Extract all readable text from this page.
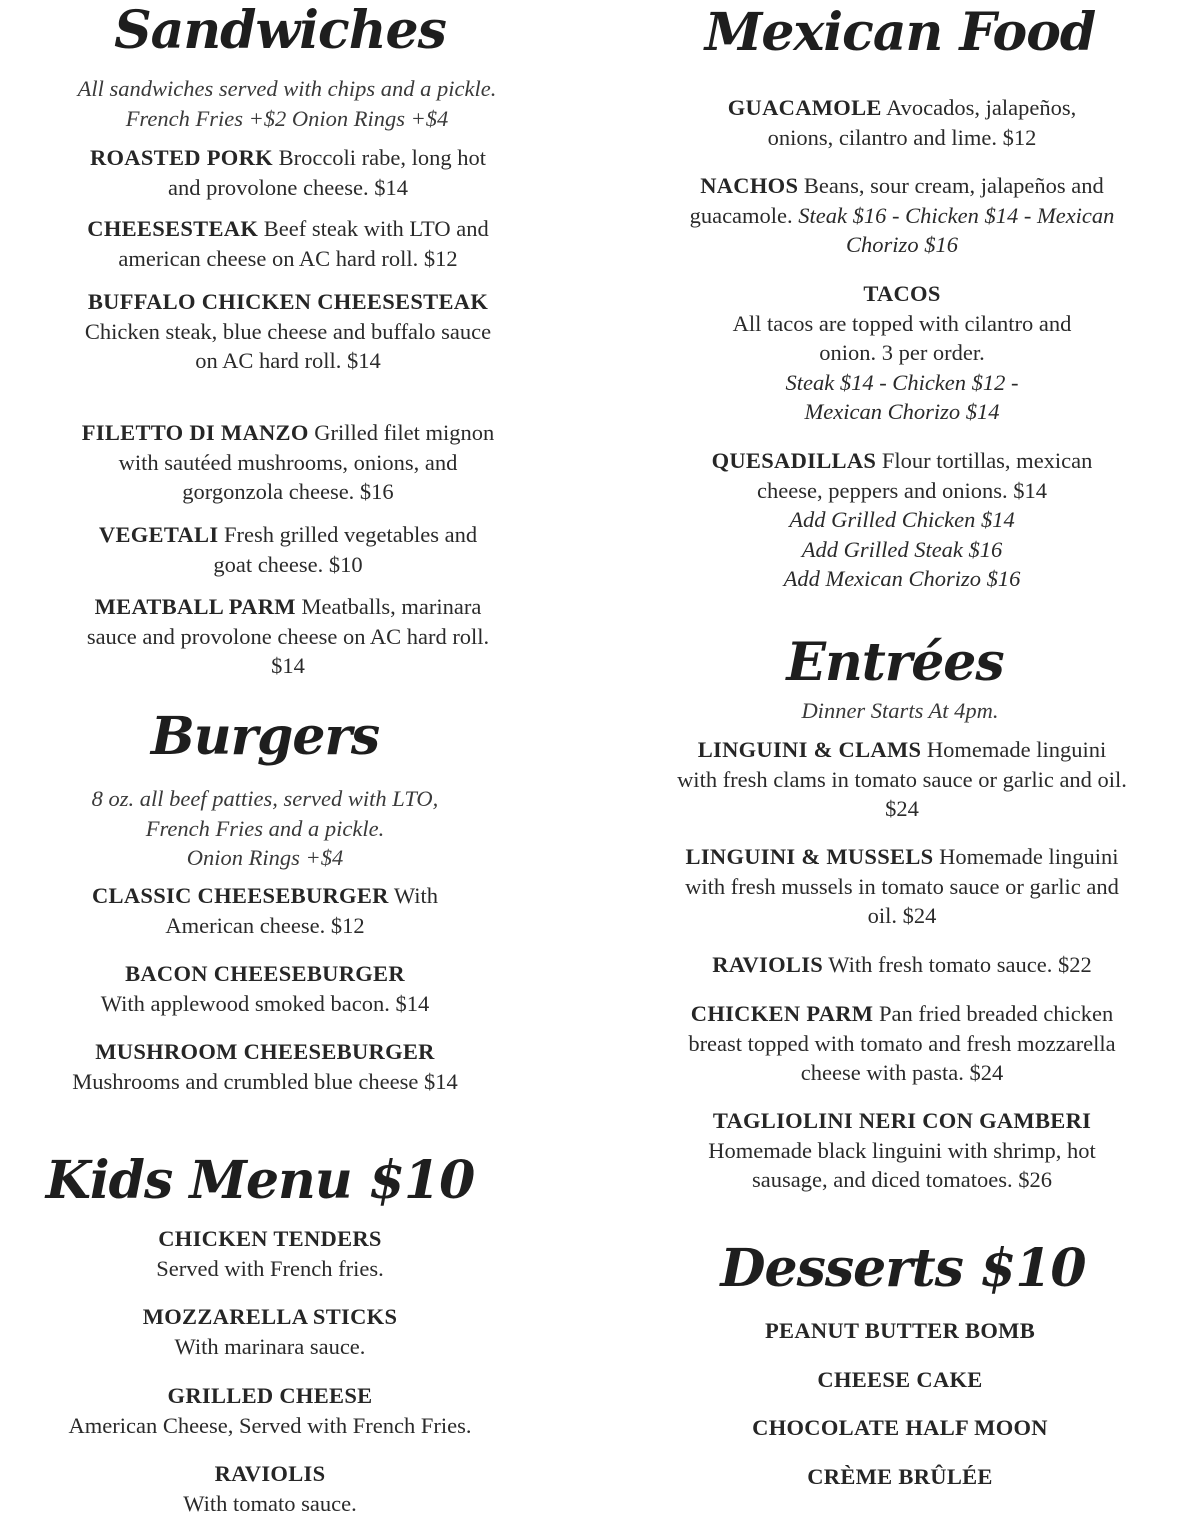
Sandwiches
All sandwiches served with chips and a pickle. French Fries +$2 Onion Rings +$4
ROASTED PORK Broccoli rabe, long hot and provolone cheese. $14
CHEESESTEAK Beef steak with LTO and american cheese on AC hard roll. $12
BUFFALO CHICKEN CHEESESTEAK Chicken steak, blue cheese and buffalo sauce on AC hard roll. $14
FILETTO DI MANZO Grilled filet mignon with sautéed mushrooms, onions, and gorgonzola cheese. $16
VEGETALI Fresh grilled vegetables and goat cheese. $10
MEATBALL PARM Meatballs, marinara sauce and provolone cheese on AC hard roll. $14
Burgers
8 oz. all beef patties, served with LTO,
French Fries and a pickle.
Onion Rings +$4
CLASSIC CHEESEBURGER With American cheese. $12
BACON CHEESEBURGER
With applewood smoked bacon. $14
MUSHROOM CHEESEBURGER
Mushrooms and crumbled blue cheese $14
Kids Menu $10
CHICKEN TENDERS
Served with French fries.
MOZZARELLA STICKS
With marinara sauce.
GRILLED CHEESE
American Cheese, Served with French Fries.
RAVIOLIS
With tomato sauce.
Mexican Food
GUACAMOLE Avocados, jalapeños, onions, cilantro and lime. $12
NACHOS Beans, sour cream, jalapeños and guacamole. Steak $16 - Chicken $14 - Mexican Chorizo $16
TACOS
All tacos are topped with cilantro and onion. 3 per order.
Steak $14 - Chicken $12 - Mexican Chorizo $14
QUESADILLAS Flour tortillas, mexican cheese, peppers and onions. $14
Add Grilled Chicken $14
Add Grilled Steak $16
Add Mexican Chorizo $16
Entrées
Dinner Starts At 4pm.
LINGUINI & CLAMS Homemade linguini with fresh clams in tomato sauce or garlic and oil. $24
LINGUINI & MUSSELS Homemade linguini with fresh mussels in tomato sauce or garlic and oil. $24
RAVIOLIS With fresh tomato sauce. $22
CHICKEN PARM Pan fried breaded chicken breast topped with tomato and fresh mozzarella cheese with pasta. $24
TAGLIOLINI NERI CON GAMBERI
Homemade black linguini with shrimp, hot sausage, and diced tomatoes. $26
Desserts $10
PEANUT BUTTER BOMB
CHEESE CAKE
CHOCOLATE HALF MOON
CRÈME BRÛLÉE
